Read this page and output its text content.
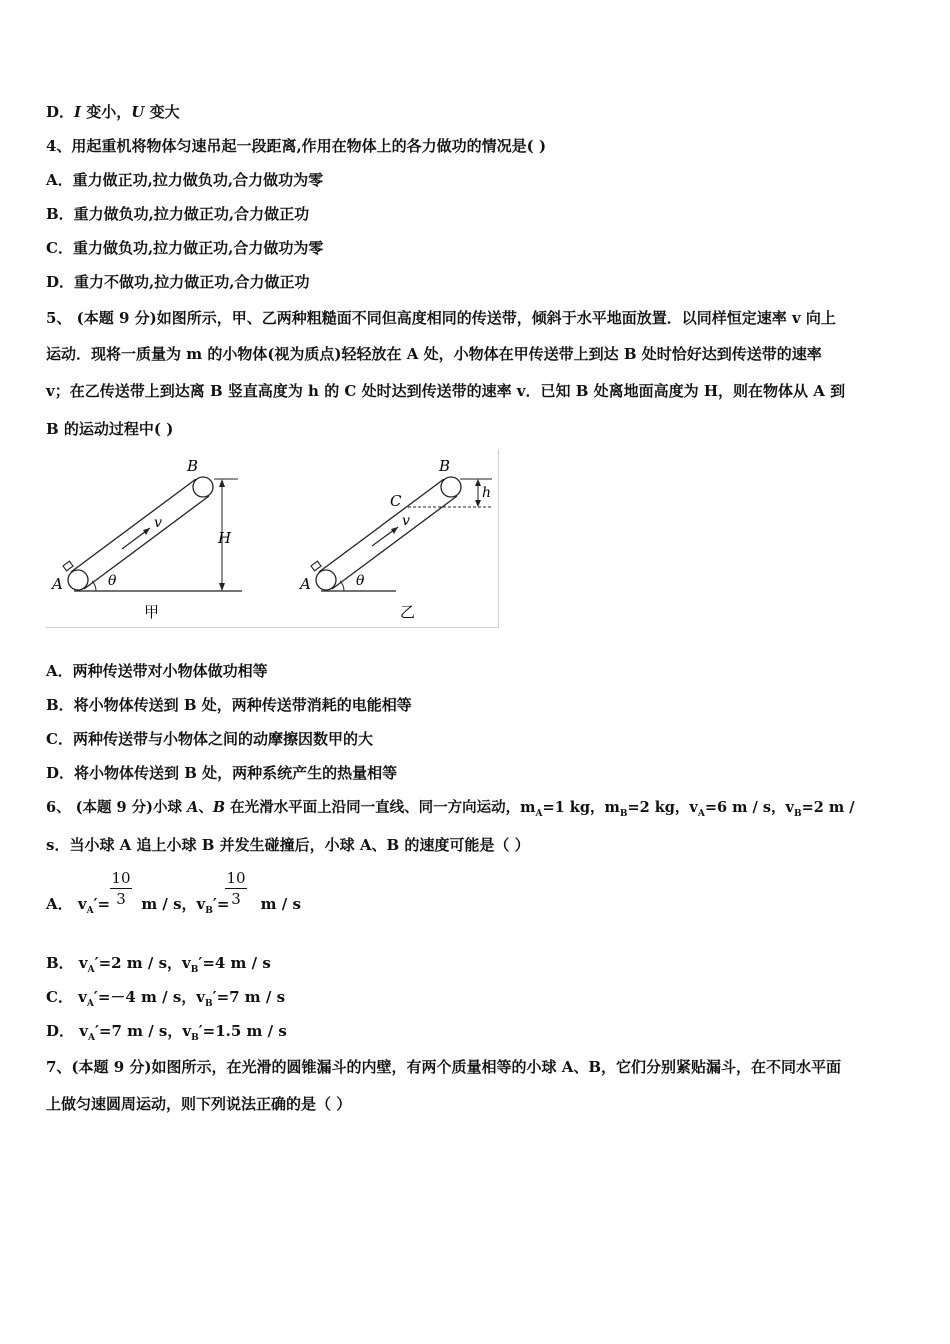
D．I 变小，U 变大
4、用起重机将物体匀速吊起一段距离,作用在物体上的各力做功的情况是( )
A．重力做正功,拉力做负功,合力做功为零
B．重力做负功,拉力做正功,合力做正功
C．重力做负功,拉力做正功,合力做功为零
D．重力不做功,拉力做正功,合力做正功
5、 (本题 9 分)如图所示，甲、乙两种粗糙面不同但高度相同的传送带，倾斜于水平地面放置．以同样恒定速率 v 向上
运动．现将一质量为 m 的小物体(视为质点)轻轻放在 A 处，小物体在甲传送带上到达 B 处时恰好达到传送带的速率
v；在乙传送带上到达离 B 竖直高度为 h 的 C 处时达到传送带的速率 v．已知 B 处离地面高度为 H，则在物体从 A 到
B 的运动过程中( )
A
B
v
θ
H
甲
A
B
C
v
θ
h
乙
A．两种传送带对小物体做功相等
B．将小物体传送到 B 处，两种传送带消耗的电能相等
C．两种传送带与小物体之间的动摩擦因数甲的大
D．将小物体传送到 B 处，两种系统产生的热量相等
6、 (本题 9 分)小球 A、B 在光滑水平面上沿同一直线、同一方向运动，$m_A=1$ kg，$m_B=2$ kg，$v_A=6$ m / s，$v_B=2$ m /
s．当小球 A 追上小球 B 并发生碰撞后，小球 A、B 的速度可能是（ ）
A． $v_A'= m / s$，$v_B'= m / s$
10
3
10
3
B． $v_A'=2$ m / s，$v_B'=4$ m / s
C． $v_A'=-4$ m / s，$v_B'=7$ m / s
D． $v_A'=7$ m / s，$v_B'=1.5$ m / s
7、(本题 9 分)如图所示，在光滑的圆锥漏斗的内壁，有两个质量相等的小球 A、B，它们分别紧贴漏斗，在不同水平面
上做匀速圆周运动，则下列说法正确的是（ ）
